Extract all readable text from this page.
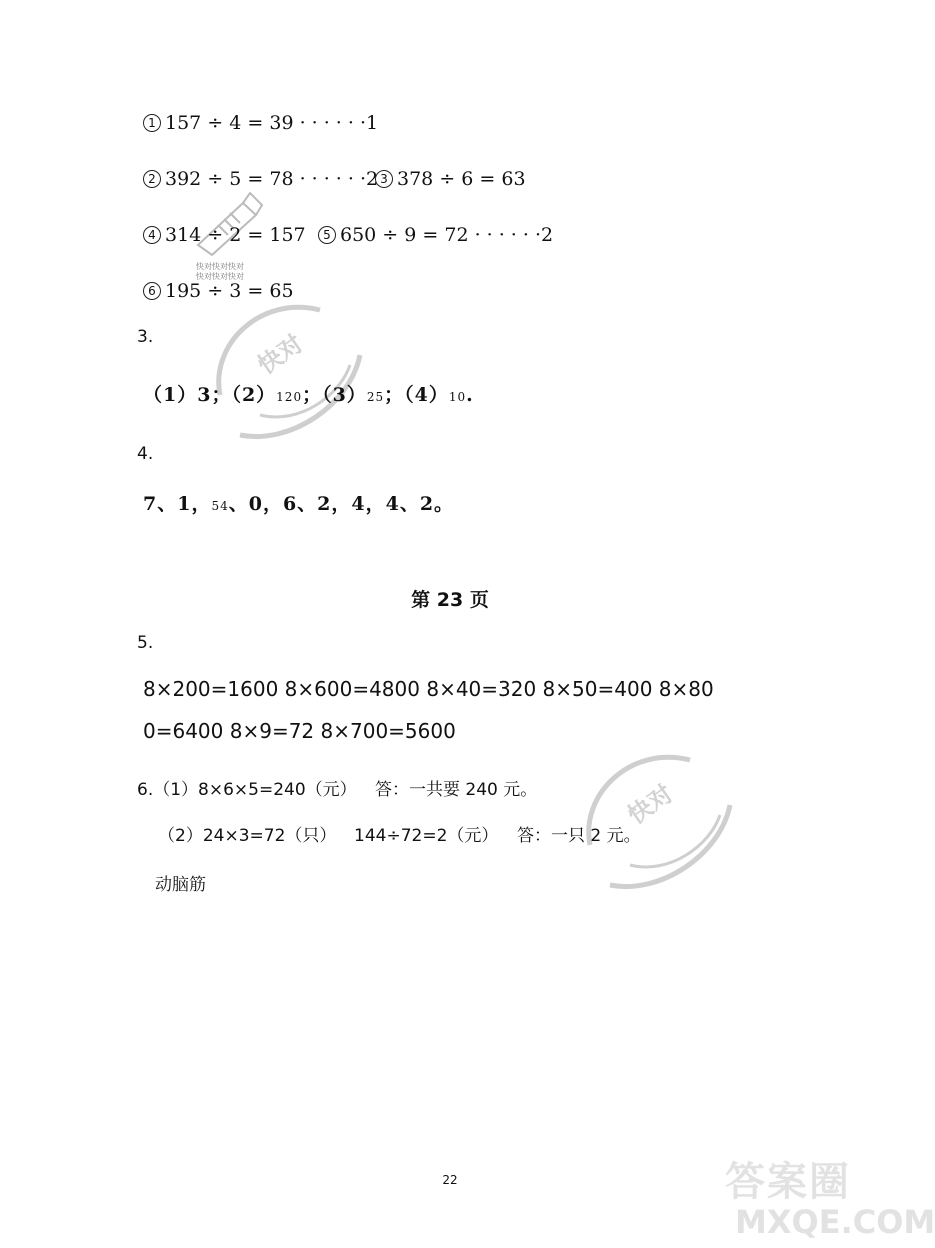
快对快对快对
快对快对快对
快对
快对
1 157 ÷ 4 = 39 · · · · · ·1
2 392 ÷ 5 = 78 · · · · · ·2 3 378 ÷ 6 = 63
4 314 ÷ 2 = 157	5 650 ÷ 9 = 72 · · · · · ·2
6 195 ÷ 3 = 65
3.
（1）3；（2）120；（3）25；（4）10.
4.
7、1，54、0，6、2，4，4、2。
第 23 页
5.
8×200=1600 8×600=4800 8×40=320 8×50=400 8×80
0=6400 8×9=72 8×700=5600
6.（1）8×6×5=240（元） 答：一共要 240 元。
（2）24×3=72（只） 144÷72=2（元） 答：一只 2 元。
动脑筋
22	答案圈
MXQE.COM
